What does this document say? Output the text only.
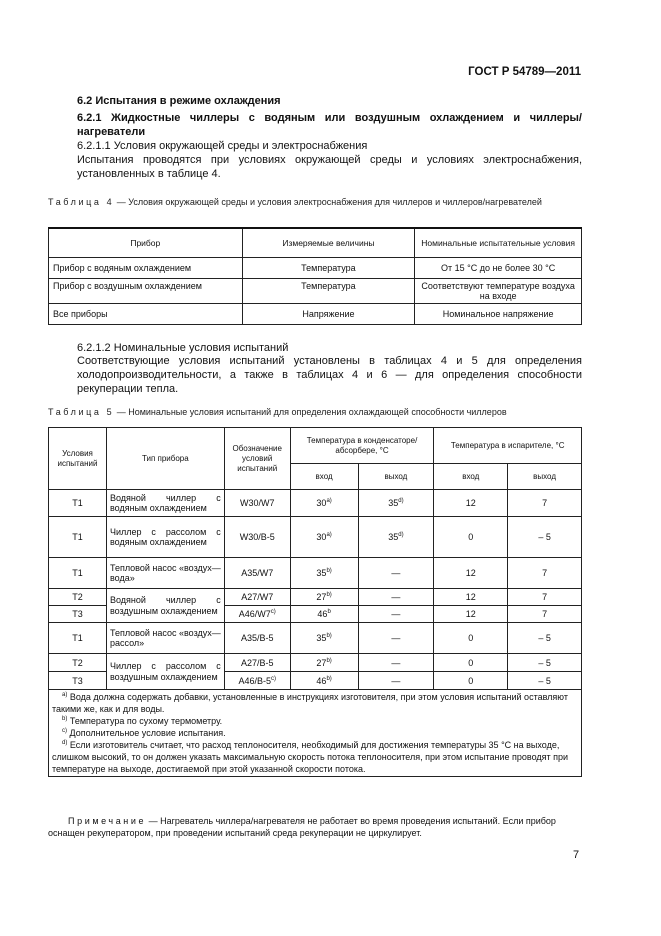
ГОСТ Р 54789—2011
6.2 Испытания в режиме охлаждения
6.2.1 Жидкостные чиллеры с водяным или воздушным охлаждением и чиллеры/нагреватели
6.2.1.1 Условия окружающей среды и электроснабжения
Испытания проводятся при условиях окружающей среды и условиях электроснабжения, установленных в таблице 4.
Таблица 4 — Условия окружающей среды и условия электроснабжения для чиллеров и чиллеров/нагревателей
Прибор	Измеряемые величины	Номинальные испытательные условия
Прибор с водяным охлаждением	Температура	От 15 °С до не более 30 °С
Прибор с воздушным охлаждением	Температура	Соответствуют температуре воздуха на входе
Все приборы	Напряжение	Номинальное напряжение
6.2.1.2 Номинальные условия испытаний
Соответствующие условия испытаний установлены в таблицах 4 и 5 для определения холодопроизводительности, а также в таблицах 4 и 6 — для определения способности рекуперации тепла.
Таблица 5 — Номинальные условия испытаний для определения охлаждающей способности чиллеров
Условия испытаний	Тип прибора	Обозначение условий испытаний	Температура в конденсаторе/абсорбере, °С		Температура в испарителе, °С	
			вход	выход	вход	выход
Т1	Водяной чиллер с водяным охлаждением	W30/W7	30$^{a)}$	35$^{d)}$	12	7
Т1	Чиллер с рассолом с водяным охлаждением	W30/B-5	30$^{a)}$	35$^{d)}$	0	– 5
Т1	Тепловой насос «воздух—вода»	A35/W7	35$^{b)}$	—	12	7
Т2	Водяной чиллер с воздушным охлаждением	A27/W7	27$^{b)}$	—	12	7
Т3		A46/W7$^{c)}$	46$^b$	—	12	7
Т1	Тепловой насос «воздух—рассол»	A35/B-5	35$^{b)}$	—	0	– 5
Т2	Чиллер с рассолом с воздушным охлаждением	A27/B-5	27$^{b)}$	—	0	– 5
Т3		A46/B-5$^{c)}$	46$^{b)}$	—	0	– 5

$^{а)}$ Вода должна содержать добавки, установленные в инструкциях изготовителя, при этом условия испытаний оставляют такими же, как и для воды.
$^{b)}$ Температура по сухому термометру.
$^{c)}$ Дополнительное условие испытания.
$^{d)}$ Если изготовитель считает, что расход теплоносителя, необходимый для достижения температуры 35 °С на выходе, слишком высокий, то он должен указать максимальную скорость потока теплоносителя, при этом испытание проводят при температуре на выходе, достигаемой при этой указанной скорости потока.						
Примечание — Нагреватель чиллера/нагревателя не работает во время проведения испытаний. Если прибор оснащен рекуператором, при проведении испытаний среда рекуперации не циркулирует.
7
